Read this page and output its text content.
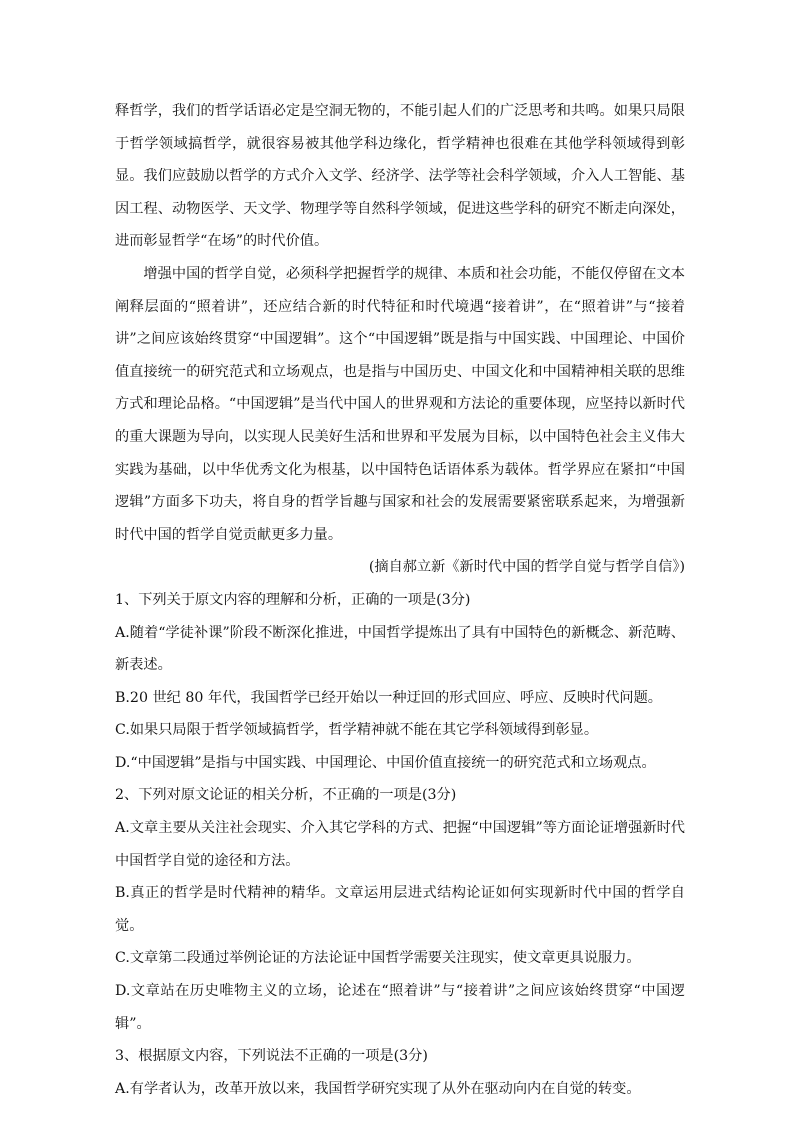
释哲学，我们的哲学话语必定是空洞无物的，不能引起人们的广泛思考和共鸣。如果只局限于哲学领域搞哲学，就很容易被其他学科边缘化，哲学精神也很难在其他学科领域得到彰显。我们应鼓励以哲学的方式介入文学、经济学、法学等社会科学领域，介入人工智能、基因工程、动物医学、天文学、物理学等自然科学领域，促进这些学科的研究不断走向深处，进而彰显哲学“在场”的时代价值。

增强中国的哲学自觉，必须科学把握哲学的规律、本质和社会功能，不能仅停留在文本阐释层面的“照着讲”，还应结合新的时代特征和时代境遇“接着讲”，在“照着讲”与“接着讲”之间应该始终贯穿“中国逻辑”。这个“中国逻辑”既是指与中国实践、中国理论、中国价值直接统一的研究范式和立场观点，也是指与中国历史、中国文化和中国精神相关联的思维方式和理论品格。“中国逻辑”是当代中国人的世界观和方法论的重要体现，应坚持以新时代的重大课题为导向，以实现人民美好生活和世界和平发展为目标，以中国特色社会主义伟大实践为基础，以中华优秀文化为根基，以中国特色话语体系为载体。哲学界应在紧扣“中国逻辑”方面多下功夫，将自身的哲学旨趣与国家和社会的发展需要紧密联系起来，为增强新时代中国的哲学自觉贡献更多力量。

(摘自郝立新《新时代中国的哲学自觉与哲学自信》)

1、下列关于原文内容的理解和分析，正确的一项是(3分)

A.随着“学徒补课”阶段不断深化推进，中国哲学提炼出了具有中国特色的新概念、新范畴、新表述。

B.20 世纪 80 年代，我国哲学已经开始以一种迂回的形式回应、呼应、反映时代问题。

C.如果只局限于哲学领域搞哲学，哲学精神就不能在其它学科领域得到彰显。

D.“中国逻辑”是指与中国实践、中国理论、中国价值直接统一的研究范式和立场观点。

2、下列对原文论证的相关分析，不正确的一项是(3分)

A.文章主要从关注社会现实、介入其它学科的方式、把握“中国逻辑”等方面论证增强新时代中国哲学自觉的途径和方法。

B.真正的哲学是时代精神的精华。文章运用层进式结构论证如何实现新时代中国的哲学自觉。

C.文章第二段通过举例论证的方法论证中国哲学需要关注现实，使文章更具说服力。

D.文章站在历史唯物主义的立场，论述在“照着讲”与“接着讲”之间应该始终贯穿“中国逻辑”。

3、根据原文内容，下列说法不正确的一项是(3分)

A.有学者认为，改革开放以来，我国哲学研究实现了从外在驱动向内在自觉的转变。
